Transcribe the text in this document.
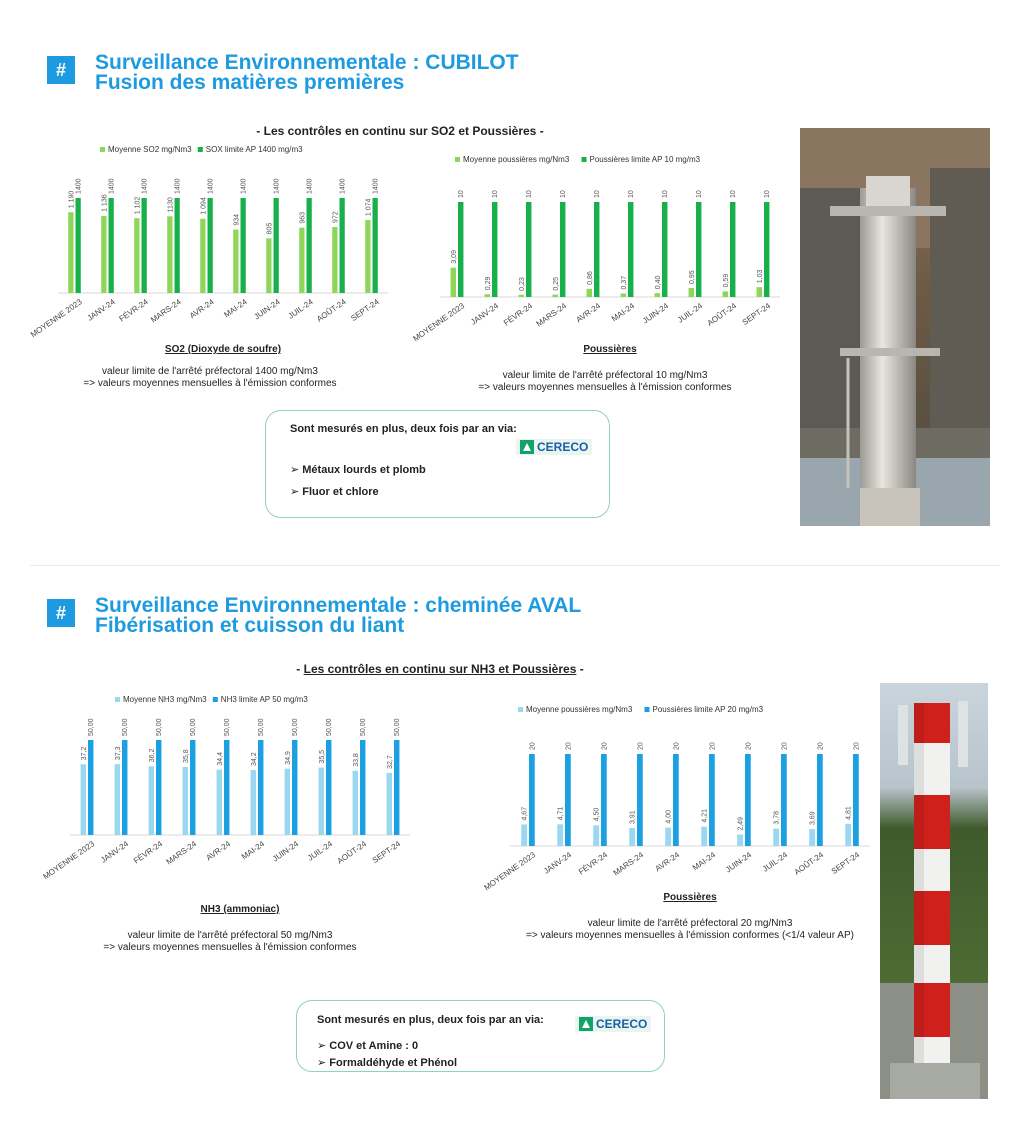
#	Surveillance Environnementale : CUBILOT
Fusion des matières premières
- Les contrôles en continu sur SO2 et Poussières -
Moyenne SO2 mg/Nm3 SOX limite AP 1400 mg/m3
1 190
1400
MOYENNE 2023
1 136
1400
JANV-24
1 102
1400
FÉVR-24
1130
1400
MARS-24
1 094
1400
AVR-24
934
1400
MAI-24
805
1400
JUIN-24
963
1400
JUIL-24
972
1400
AOÛT-24
1 074
1400
SEPT-24
SO2 (Dioxyde de soufre)
Moyenne poussières mg/Nm3	Poussières limite AP 10 mg/m3
3,09
10
MOYENNE 2023
0,29
10
JANV-24
0,23
10
FÉVR-24
0,25
10
MARS-24
0,86
10
AVR-24
0,37
10
MAI-24
0,40
10
JUIN-24
0,95
10
JUIL-24
0,59
10
AOÛT-24
1,03
10
SEPT-24
Poussières
valeur limite de l'arrêté préfectoral 1400 mg/Nm3
=> valeurs moyennes mensuelles à l'émission conformes
valeur limite de l'arrêté préfectoral 10 mg/Nm3
=> valeurs moyennes mensuelles à l'émission conformes
Sont mesurés en plus, deux fois par an via:
CERECO
➢ Métaux lourds et plomb
➢ Fluor et chlore
#	Surveillance Environnementale : cheminée AVAL
Fibérisation et cuisson du liant
- Les contrôles en continu sur NH3 et Poussières -
Moyenne NH3 mg/Nm3 NH3 limite AP 50 mg/m3
37,2
50,00
MOYENNE 2023
37,3
50,00
JANV-24
36,2
50,00
FÉVR-24
35,8
50,00
MARS-24
34,4
50,00
AVR-24
34,2
50,00
MAI-24
34,9
50,00
JUIN-24
35,5
50,00
JUIL-24
33,8
50,00
AOÛT-24
32,7
50,00
SEPT-24
NH3 (ammoniac)
Moyenne poussières mg/Nm3	Poussières limite AP 20 mg/m3
4,67
20
MOYENNE 2023
4,71
20
JANV-24
4,50
20
FÉVR-24
3,91
20
MARS-24
4,00
20
AVR-24
4,21
20
MAI-24
2,49
20
JUIN-24
3,78
20
JUIL-24
3,69
20
AOÛT-24
4,81
20
SEPT-24
Poussières
valeur limite de l'arrêté préfectoral 50 mg/Nm3
=> valeurs moyennes mensuelles à l'émission conformes
valeur limite de l'arrêté préfectoral 20 mg/Nm3
=> valeurs moyennes mensuelles à l'émission conformes (<1/4 valeur AP)
Sont mesurés en plus, deux fois par an via:	CERECO
➢ COV et Amine : 0
➢ Formaldéhyde et Phénol
